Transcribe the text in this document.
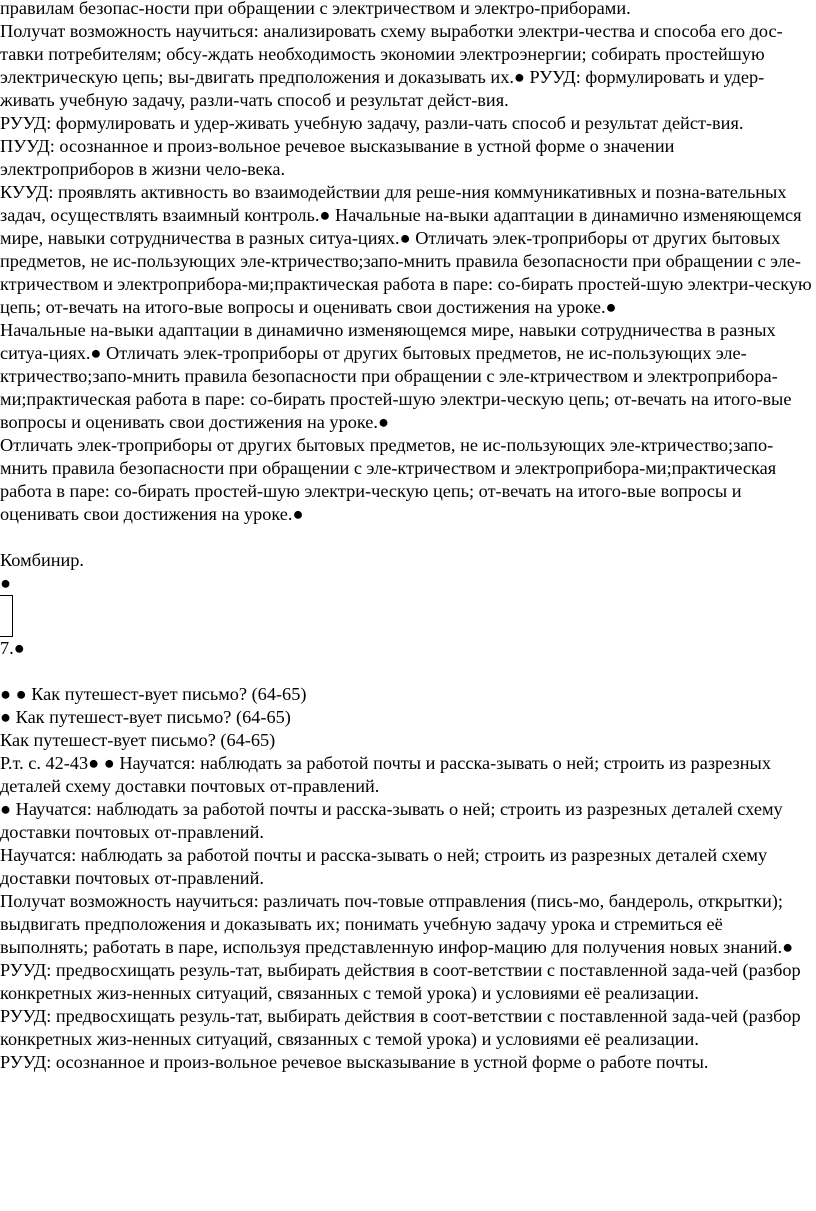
правилам безопас-ности при обращении с электричеством и электро-приборами.

Получат возможность научиться: анализировать схему выработки электри-чества и способа его дос-тавки потребителям; обсу-ждать необходимость экономии электроэнергии; собирать простейшую электрическую цепь; вы-двигать предположения и доказывать их.● РУУД: формулировать и удер-живать учебную задачу, разли-чать способ и результат дейст-вия.

РУУД: формулировать и удер-живать учебную задачу, разли-чать способ и результат дейст-вия.

ПУУД: осознанное и произ-вольное речевое высказывание в устной форме о значении электроприборов в жизни чело-века.

КУУД: проявлять активность во взаимодействии для реше-ния коммуникативных и позна-вательных задач, осуществлять взаимный контроль.● Начальные на-выки адаптации в динамично изменяющемся мире, навыки сотрудничества в разных ситуа-циях.● Отличать элек-троприборы от других бытовых предметов, не ис-пользующих эле-ктричество;запо-мнить правила безопасности при обращении с эле-ктричеством и электроприбора-ми;практическая работа в паре: со-бирать простей-шую электри-ческую цепь; от-вечать на итого-вые вопросы и оценивать свои достижения на уроке.●

Начальные на-выки адаптации в динамично изменяющемся мире, навыки сотрудничества в разных ситуа-циях.● Отличать элек-троприборы от других бытовых предметов, не ис-пользующих эле-ктричество;запо-мнить правила безопасности при обращении с эле-ктричеством и электроприбора-ми;практическая работа в паре: со-бирать простей-шую электри-ческую цепь; от-вечать на итого-вые вопросы и оценивать свои достижения на уроке.●

Отличать элек-троприборы от других бытовых предметов, не ис-пользующих эле-ктричество;запо-мнить правила безопасности при обращении с эле-ктричеством и электроприбора-ми;практическая работа в паре: со-бирать простей-шую электри-ческую цепь; от-вечать на итого-вые вопросы и оценивать свои достижения на уроке.●

Комбинир.

●

7.●

● ● Как путешест-вует письмо? (64-65)

● Как путешест-вует письмо? (64-65)

Как путешест-вует письмо? (64-65)

Р.т. с. 42-43● ● Научатся: наблюдать за работой почты и расска-зывать о ней; строить из разрезных деталей схему доставки почтовых от-правлений.

● Научатся: наблюдать за работой почты и расска-зывать о ней; строить из разрезных деталей схему доставки почтовых от-правлений.

Научатся: наблюдать за работой почты и расска-зывать о ней; строить из разрезных деталей схему доставки почтовых от-правлений.

Получат возможность научиться: различать поч-товые отправления (пись-мо, бандероль, открытки); выдвигать предположения и доказывать их; понимать учебную задачу урока и стремиться её выполнять; работать в паре, используя представленную инфор-мацию для получения новых знаний.● РУУД: предвосхищать резуль-тат, выбирать действия в соот-ветствии с поставленной зада-чей (разбор конкретных жиз-ненных ситуаций, связанных с темой урока) и условиями её реализации.

РУУД: предвосхищать резуль-тат, выбирать действия в соот-ветствии с поставленной зада-чей (разбор конкретных жиз-ненных ситуаций, связанных с темой урока) и условиями её реализации.

РУУД: осознанное и произ-вольное речевое высказывание в устной форме о работе почты.
